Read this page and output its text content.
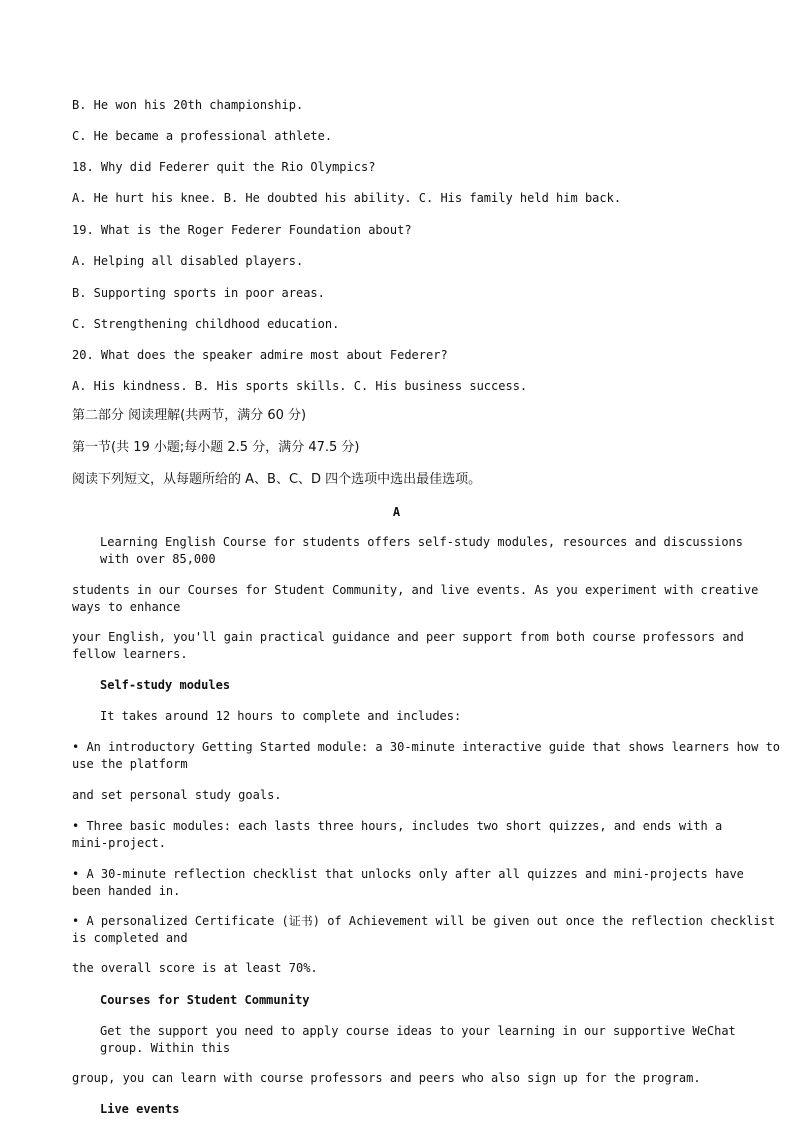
B. He won his 20th championship.
C. He became a professional athlete.
18. Why did Federer quit the Rio Olympics?
A. He hurt his knee. B. He doubted his ability. C. His family held him back.
19. What is the Roger Federer Foundation about?
A. Helping all disabled players.
B. Supporting sports in poor areas.
C. Strengthening childhood education.
20. What does the speaker admire most about Federer?
A. His kindness. B. His sports skills. C. His business success.
第二部分 阅读理解(共两节，满分 60 分)
第一节(共 19 小题;每小题 2.5 分，满分 47.5 分)
阅读下列短文，从每题所给的 A、B、C、D 四个选项中选出最佳选项。
A
Learning English Course for students offers self-study modules, resources and discussions with over 85,000
students in our Courses for Student Community, and live events. As you experiment with creative ways to enhance
your English, you'll gain practical guidance and peer support from both course professors and fellow learners.
Self-study modules
It takes around 12 hours to complete and includes:
• An introductory Getting Started module: a 30-minute interactive guide that shows learners how to use the platform
and set personal study goals.
• Three basic modules: each lasts three hours, includes two short quizzes, and ends with a mini-project.
• A 30-minute reflection checklist that unlocks only after all quizzes and mini-projects have been handed in.
• A personalized Certificate (证书) of Achievement will be given out once the reflection checklist is completed and
the overall score is at least 70%.
Courses for Student Community
Get the support you need to apply course ideas to your learning in our supportive WeChat group. Within this
group, you can learn with course professors and peers who also sign up for the program.
Live events
